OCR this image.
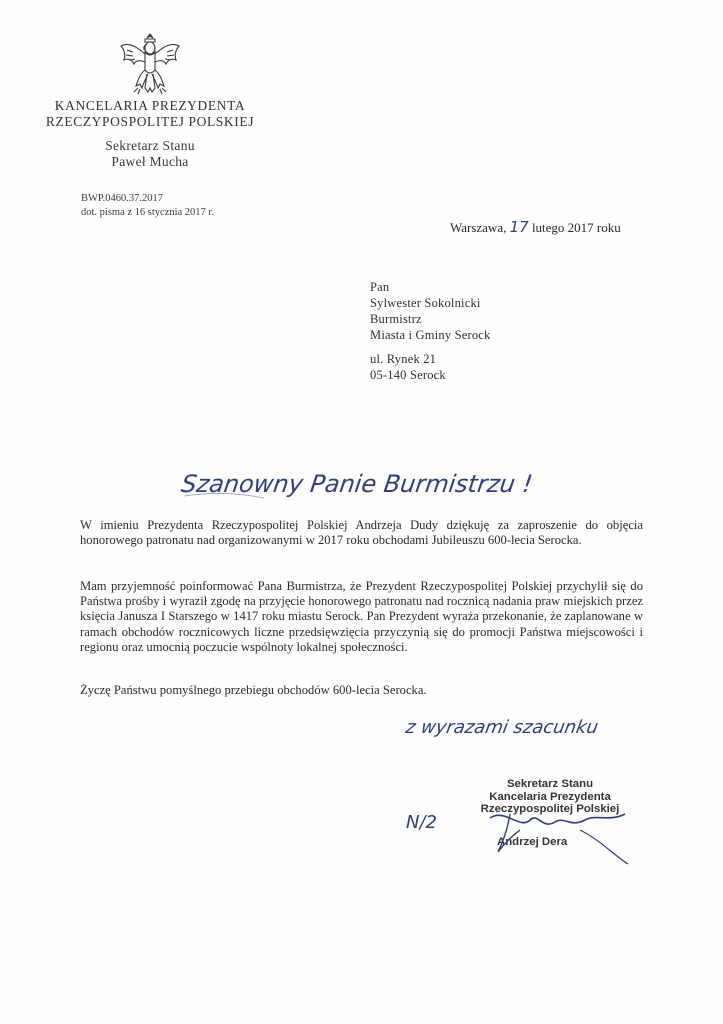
KANCELARIA PREZYDENTA
RZECZYPOSPOLITEJ POLSKIEJ
Sekretarz Stanu
Paweł Mucha
BWP.0460.37.2017
dot. pisma z 16 stycznia 2017 r.
Warszawa, 17 lutego 2017 roku
Pan
Sylwester Sokolnicki
Burmistrz
Miasta i Gminy Serock
ul. Rynek 21
05-140 Serock
Szanowny Panie Burmistrzu !
W imieniu Prezydenta Rzeczypospolitej Polskiej Andrzeja Dudy dziękuję za zaproszenie do objęcia honorowego patronatu nad organizowanymi w 2017 roku obchodami Jubileuszu 600-lecia Serocka.
Mam przyjemność poinformować Pana Burmistrza, że Prezydent Rzeczypospolitej Polskiej przychylił się do Państwa prośby i wyraził zgodę na przyjęcie honorowego patronatu nad rocznicą nadania praw miejskich przez księcia Janusza I Starszego w 1417 roku miastu Serock. Pan Prezydent wyraża przekonanie, że zaplanowane w ramach obchodów rocznicowych liczne przedsięwzięcia przyczynią się do promocji Państwa miejscowości i regionu oraz umocnią poczucie wspólnoty lokalnej społeczności.
Życzę Państwu pomyślnego przebiegu obchodów 600-lecia Serocka.
z wyrazami szacunku
N/2
Sekretarz Stanu
Kancelaria Prezydenta
Rzeczypospolitej Polskiej
Andrzej Dera
